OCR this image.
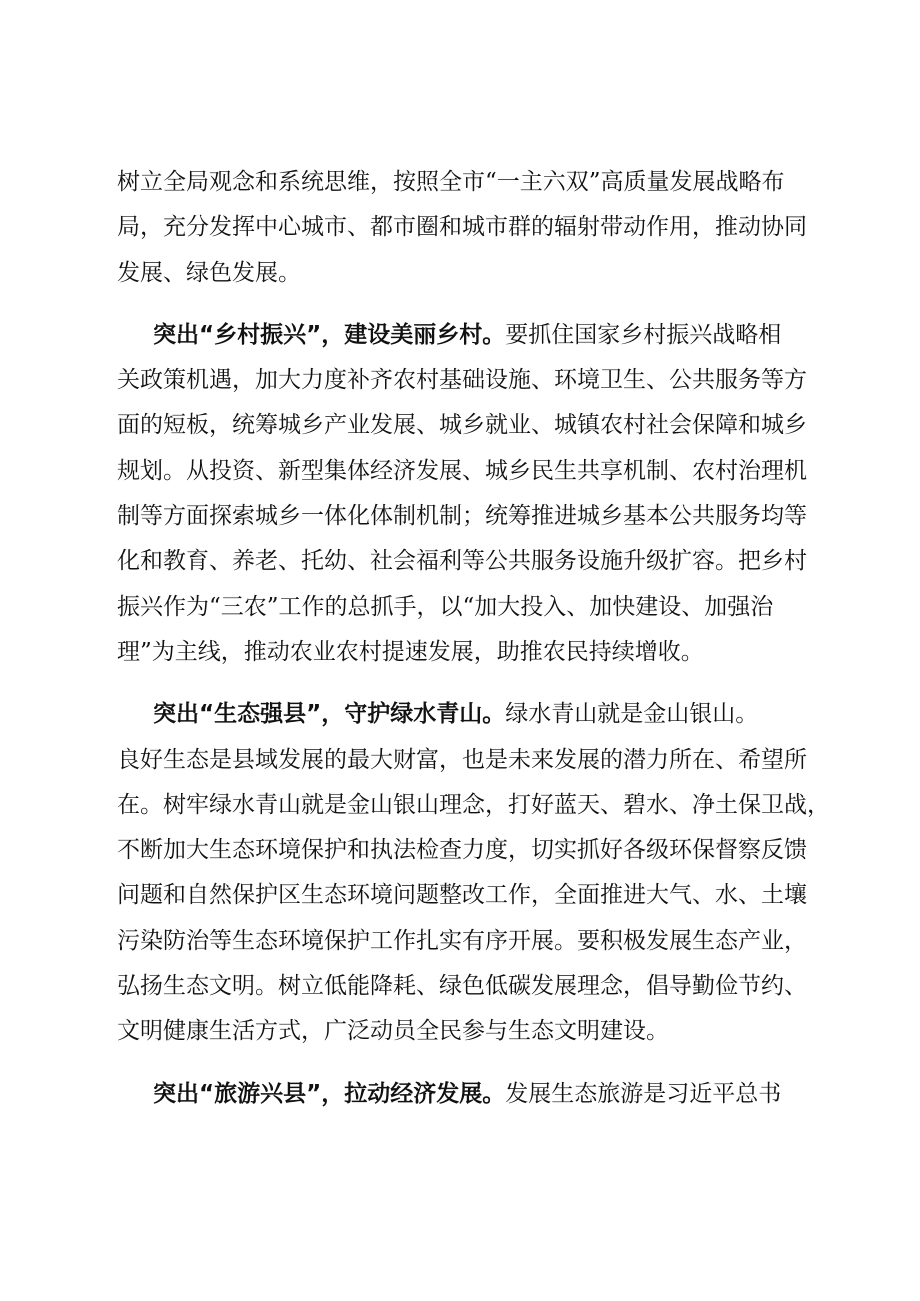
树立全局观念和系统思维，按照全市“一主六双”高质量发展战略布
局，充分发挥中心城市、都市圈和城市群的辐射带动作用，推动协同
发展、绿色发展。
突出“乡村振兴”，建设美丽乡村。要抓住国家乡村振兴战略相
关政策机遇，加大力度补齐农村基础设施、环境卫生、公共服务等方
面的短板，统筹城乡产业发展、城乡就业、城镇农村社会保障和城乡
规划。从投资、新型集体经济发展、城乡民生共享机制、农村治理机
制等方面探索城乡一体化体制机制；统筹推进城乡基本公共服务均等
化和教育、养老、托幼、社会福利等公共服务设施升级扩容。把乡村
振兴作为“三农”工作的总抓手，以“加大投入、加快建设、加强治
理”为主线，推动农业农村提速发展，助推农民持续增收。
突出“生态强县”，守护绿水青山。绿水青山就是金山银山。
良好生态是县域发展的最大财富，也是未来发展的潜力所在、希望所
在。树牢绿水青山就是金山银山理念，打好蓝天、碧水、净土保卫战，
不断加大生态环境保护和执法检查力度，切实抓好各级环保督察反馈
问题和自然保护区生态环境问题整改工作，全面推进大气、水、土壤
污染防治等生态环境保护工作扎实有序开展。要积极发展生态产业，
弘扬生态文明。树立低能降耗、绿色低碳发展理念，倡导勤俭节约、
文明健康生活方式，广泛动员全民参与生态文明建设。
突出“旅游兴县”，拉动经济发展。发展生态旅游是习近平总书
